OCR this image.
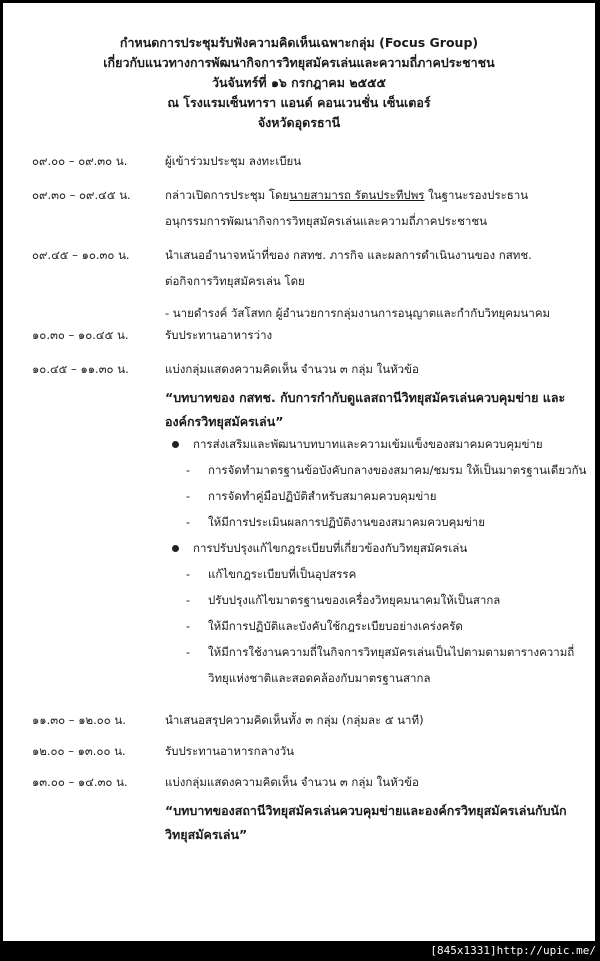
กำหนดการประชุมรับฟังความคิดเห็นเฉพาะกลุ่ม (Focus Group)
เกี่ยวกับแนวทางการพัฒนากิจการวิทยุสมัครเล่นและความถี่ภาคประชาชน
วันจันทร์ที่ ๑๖ กรกฎาคม ๒๕๕๕
ณ โรงแรมเซ็นทารา แอนด์ คอนเวนชั่น เซ็นเตอร์
จังหวัดอุดรธานี
๐๙.๐๐ – ๐๙.๓๐ น.	ผู้เข้าร่วมประชุม ลงทะเบียน
๐๙.๓๐ – ๐๙.๔๕ น.	กล่าวเปิดการประชุม โดยนายสามารถ รัตนประทีปพร ในฐานะรองประธาน
อนุกรรมการพัฒนากิจการวิทยุสมัครเล่นและความถี่ภาคประชาชน
๐๙.๔๕ – ๑๐.๓๐ น.	นำเสนออำนาจหน้าที่ของ กสทช. ภารกิจ และผลการดำเนินงานของ กสทช.
ต่อกิจการวิทยุสมัครเล่น โดย
- นายดำรงค์ วัสโสทก ผู้อำนวยการกลุ่มงานการอนุญาตและกำกับวิทยุคมนาคม
๑๐.๓๐ – ๑๐.๔๕ น.	รับประทานอาหารว่าง
๑๐.๔๕ – ๑๑.๓๐ น.	แบ่งกลุ่มแสดงความคิดเห็น จำนวน ๓ กลุ่ม ในหัวข้อ
“บทบาทของ กสทช. กับการกำกับดูแลสถานีวิทยุสมัครเล่นควบคุมข่าย และ
องค์กรวิทยุสมัครเล่น”
การส่งเสริมและพัฒนาบทบาทและความเข้มแข็งของสมาคมควบคุมข่าย
- การจัดทำมาตรฐานข้อบังคับกลางของสมาคม/ชมรม ให้เป็นมาตรฐานเดียวกัน
- การจัดทำคู่มือปฏิบัติสำหรับสมาคมควบคุมข่าย
- ให้มีการประเมินผลการปฏิบัติงานของสมาคมควบคุมข่าย
การปรับปรุงแก้ไขกฎระเบียบที่เกี่ยวข้องกับวิทยุสมัครเล่น
- แก้ไขกฎระเบียบที่เป็นอุปสรรค
- ปรับปรุงแก้ไขมาตรฐานของเครื่องวิทยุคมนาคมให้เป็นสากล
- ให้มีการปฏิบัติและบังคับใช้กฎระเบียบอย่างเคร่งครัด
- ให้มีการใช้งานความถี่ในกิจการวิทยุสมัครเล่นเป็นไปตามตามตารางความถี่
วิทยุแห่งชาติและสอดคล้องกับมาตรฐานสากล
๑๑.๓๐ – ๑๒.๐๐ น.	นำเสนอสรุปความคิดเห็นทั้ง ๓ กลุ่ม (กลุ่มละ ๕ นาที)
๑๒.๐๐ – ๑๓.๐๐ น.	รับประทานอาหารกลางวัน
๑๓.๐๐ – ๑๔.๓๐ น.	แบ่งกลุ่มแสดงความคิดเห็น จำนวน ๓ กลุ่ม ในหัวข้อ
“บทบาทของสถานีวิทยุสมัครเล่นควบคุมข่ายและองค์กรวิทยุสมัครเล่นกับนัก
วิทยุสมัครเล่น”
[845x1331]http://upic.me/
